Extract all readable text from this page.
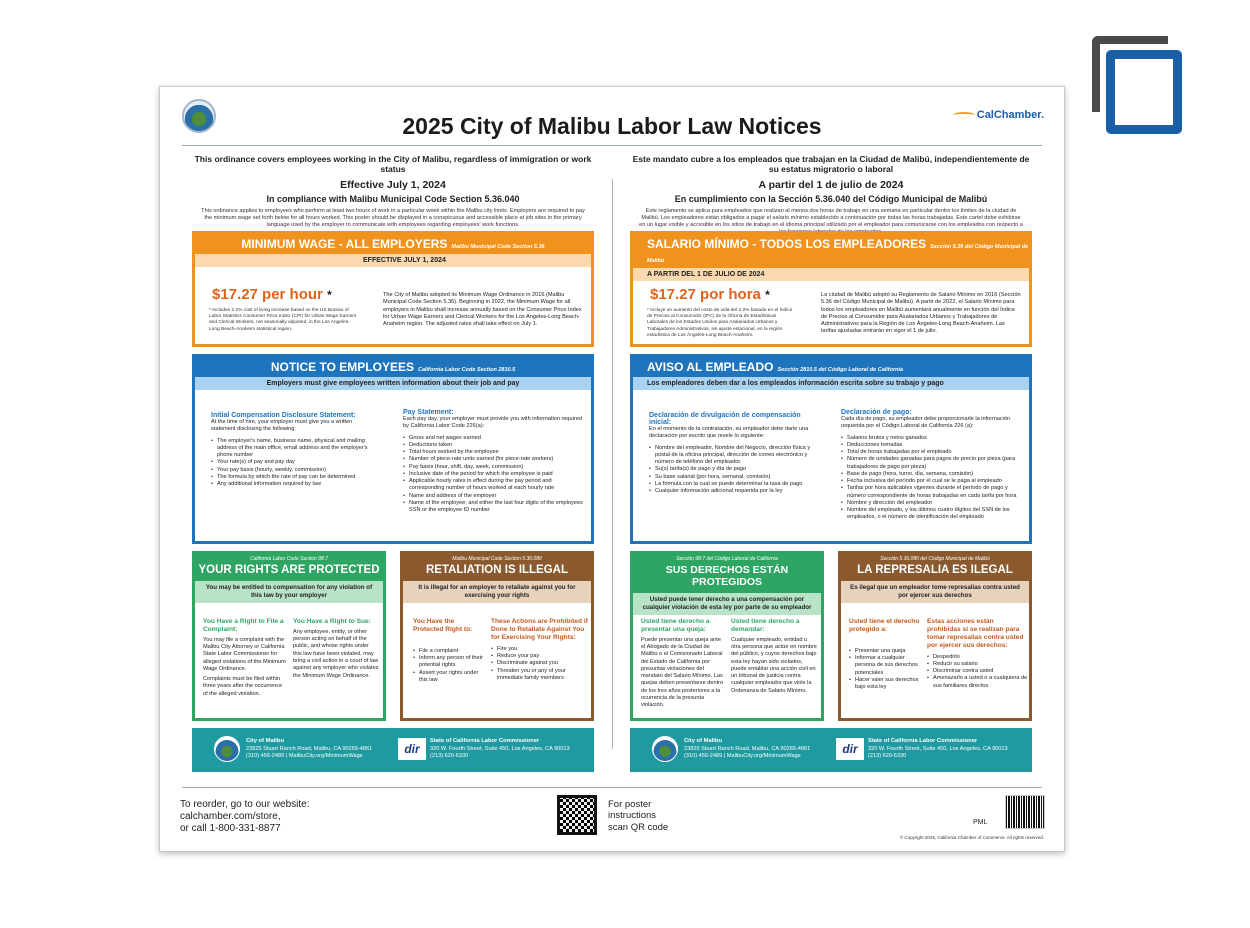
2025 City of Malibu Labor Law Notices	CalChamber.
This ordinance covers employees working in the City of Malibu, regardless of immigration or work status
Effective July 1, 2024
In compliance with Malibu Municipal Code Section 5.36.040
This ordinance applies to employees who perform at least two hours of work in a particular week within the Malibu city limits. Employers are required to pay the minimum wage set forth below for all hours worked. This poster should be displayed in a conspicuous and accessible place at job sites in the primary language used by the employer to communicate with employees regarding employees' work functions.
MINIMUM WAGE - ALL EMPLOYERS Malibu Municipal Code Section 5.36
EFFECTIVE JULY 1, 2024
$17.27 per hour *
* Includes 2.2% cost of living increase based on the US Bureau of Labor Statistics Consumer Price Index (CPI) for Urban Wage Earners and Clerical Workers, not seasonally adjusted, in the Los Angeles-Long Beach-Anaheim statistical region.
The City of Malibu adopted its Minimum Wage Ordinance in 2016 (Malibu Municipal Code Section 5.36). Beginning in 2022, the Minimum Wage for all employers in Malibu shall increase annually based on the Consumer Price Index for Urban Wage Earners and Clerical Workers for the Los Angeles-Long Beach-Anaheim region. The adjusted rates shall take effect on July 1.
NOTICE TO EMPLOYEES California Labor Code Section 2810.5
Employers must give employees written information about their job and pay
Initial Compensation Disclosure Statement:
At the time of hire, your employer must give you a written statement disclosing the following:
• The employer's name, business name, physical and mailing address of the main office, email address and the employer's phone number
• Your rate(s) of pay and pay day
• Your pay basis (hourly, weekly, commission)
• The formula by which the rate of pay can be determined
• Any additional information required by law
Pay Statement:
Each pay day, your employer must provide you with information required by California Labor Code 226(a):
• Gross and net wages earned
• Deductions taken
• Total hours worked by the employee
• Number of piece-rate units earned (for piece-rate workers)
• Pay basis (hour, shift, day, week, commission)
• Inclusive date of the period for which the employee is paid
• Applicable hourly rates in effect during the pay period and corresponding number of hours worked at each hourly rate
• Name and address of the employer
• Name of the employee; and either the last four digits of the employees SSN or the employee ID number
California Labor Code Section 98.7
YOUR RIGHTS ARE PROTECTED
You may be entitled to compensation for any violation of this law by your employer
You Have a Right to File a Complaint:
You may file a complaint with the Malibu City Attorney or California State Labor Commissioner for alleged violations of the Minimum Wage Ordinance.
Complaints must be filed within three years after the occurrence of the alleged violation.
You Have a Right to Sue:
Any employee, entity, or other person acting on behalf of the public, and whose rights under this law have been violated, may bring a civil action in a court of law against any employer who violates the Minimum Wage Ordinance.
Malibu Municipal Code Section 5.36.080
RETALIATION IS ILLEGAL
It is illegal for an employer to retaliate against you for exercising your rights
You Have the Protected Right to:
• File a complaint
• Inform any person of their potential rights
• Assert your rights under this law
These Actions are Prohibited if Done to Retaliate Against You for Exercising Your Rights:
• Fire you
• Reduce your pay
• Discriminate against you
• Threaten you or any of your immediate family members
City of Malibu
23825 Stuart Ranch Road, Malibu, CA 90265-4861
(310) 456-2489 | MalibuCity.org/MinimumWage
dir
State of California Labor Commissioner
320 W. Fourth Street, Suite 450, Los Angeles, CA 90013
(213) 620-6330
Este mandato cubre a los empleados que trabajan en la Ciudad de Malibú, independientemente de su estatus migratorio o laboral
A partir del 1 de julio de 2024
En cumplimiento con la Sección 5.36.040 del Código Municipal de Malibú
Este reglamento se aplica para empleados que realizan al menos dos horas de trabajo en una semana en particular dentro los límites de la ciudad de Malibú. Los empleadores están obligados a pagar el salario mínimo establecido a continuación por todas las horas trabajadas. Este cartel debe exhibirse en un lugar visible y accesible en los sitios de trabajo en el idioma principal utilizado por el empleador para comunicarse con los empleados con respecto a
SALARIO MÍNIMO - TODOS LOS EMPLEADORES Sección 5.36 del Código Municipal de Malibú
A PARTIR DEL 1 DE JULIO DE 2024
$17.27 por hora *
* Incluye un aumento del costo de vida del 2.2% basado en el Índice de Precios al Consumidor (IPC) de la Oficina de Estadísticas Laborales de los Estados Unidos para Asalariados Urbanos y Trabajadores Administrativos, sin ajuste estacional, en la región estadística de Los Ángeles-Long Beach-Anaheim.
La ciudad de Malibú adoptó su Reglamento de Salario Mínimo en 2016 (Sección 5.36 del Código Municipal de Malibú). A partir de 2022, el Salario Mínimo para todos los empleadores en Malibú aumentará anualmente en función del Índice de Precios al Consumidor para Asalariados Urbanos y Trabajadores de Administrativos para la Región de Los Ángeles-Long Beach-Anaheim. Las tarifas ajustadas entrarán en vigor el 1 de julio.
AVISO AL EMPLEADO Sección 2810.5 del Código Laboral de California
Los empleadores deben dar a los empleados información escrita sobre su trabajo y pago
Declaración de divulgación de compensación inicial:
En el momento de la contratación, su empleador debe darle una declaración por escrito que revele lo siguiente:
• Nombre del empleador, Nombre del Negocio, dirección física y postal de la oficina principal, dirección de correo electrónico y número de teléfono del empleador.
• Su(s) tarifa(s) de pago y día de pago
• Su base salarial (por hora, semanal, comisión)
• La fórmula con la cual se puede determinar la tasa de pago
• Cualquier información adicional requerida por la ley
Declaración de pago:
Cada día de pago, su empleador debe proporcionarle la información requerida por el Código Laboral de California 226 (a):
• Salarios brutos y netos ganados
• Deducciones tomadas
• Total de horas trabajadas por el empleado
• Número de unidades ganadas para pagos de precio por pieza (para trabajadores de pago por pieza)
• Base de pago (hora, turno, día, semana, comisión)
• Fecha inclusiva del período por el cual se le paga al empleado
• Tarifas por hora aplicables vigentes durante el período de pago y número correspondiente de horas trabajadas en cada tarifa por hora
• Nombre y dirección del empleador
• Nombre del empleado, y los últimos cuatro dígitos del SSN de los empleados, o el número de identificación del empleado
Sección 98.7 del Código Laboral de California
SUS DERECHOS ESTÁN PROTEGIDOS
Usted puede tener derecho a una compensación por cualquier violación de esta ley por parte de su empleador
Usted tiene derecho a presentar una queja:
Puede presentar una queja ante el Abogado de la Ciudad de Malibú o el Comisionado Laboral del Estado de California por presuntas violaciones del mandato del Salario Mínimo. Las quejas deben presentarse dentro de los tres años posteriores a la ocurrencia de la presunta violación.
Usted tiene derecho a demandar:
Cualquier empleado, entidad u otra persona que actúe en nombre del público, y cuyos derechos bajo esta ley hayan sido violados, puede entablar una acción civil en un tribunal de justicia contra cualquier empleador que viole la Ordenanza de Salario Mínimo.
Sección 5.36.080 del Código Municipal de Malibú
LA REPRESALIA ES ILEGAL
Es ilegal que un empleador tome represalias contra usted por ejercer sus derechos
Usted tiene el derecho protegido a:
• Presentar una queja
• Informar a cualquier persona de sus derechos potenciales
• Hacer valer sus derechos bajo esta ley
Estas acciones están prohibidas si se realizan para tomar represalias contra usted por ejercer sus derechos:
• Despedirlo
• Reducir su salario
• Discriminar contra usted
• Amenazarlo a usted o a cualquiera de sus familiares directos
City of Malibu
23825 Stuart Ranch Road, Malibu, CA 90265-4861
(310) 456-2489 | MalibuCity.org/MinimumWage
dir
State of California Labor Commissioner
320 W. Fourth Street, Suite 450, Los Angeles, CA 90013
(213) 620-6330
To reorder, go to our website:
calchamber.com/store,
or call 1-800-331-8877
For poster
instructions
scan QR code	PML
© Copyright 2025, California Chamber of Commerce. All rights reserved.
